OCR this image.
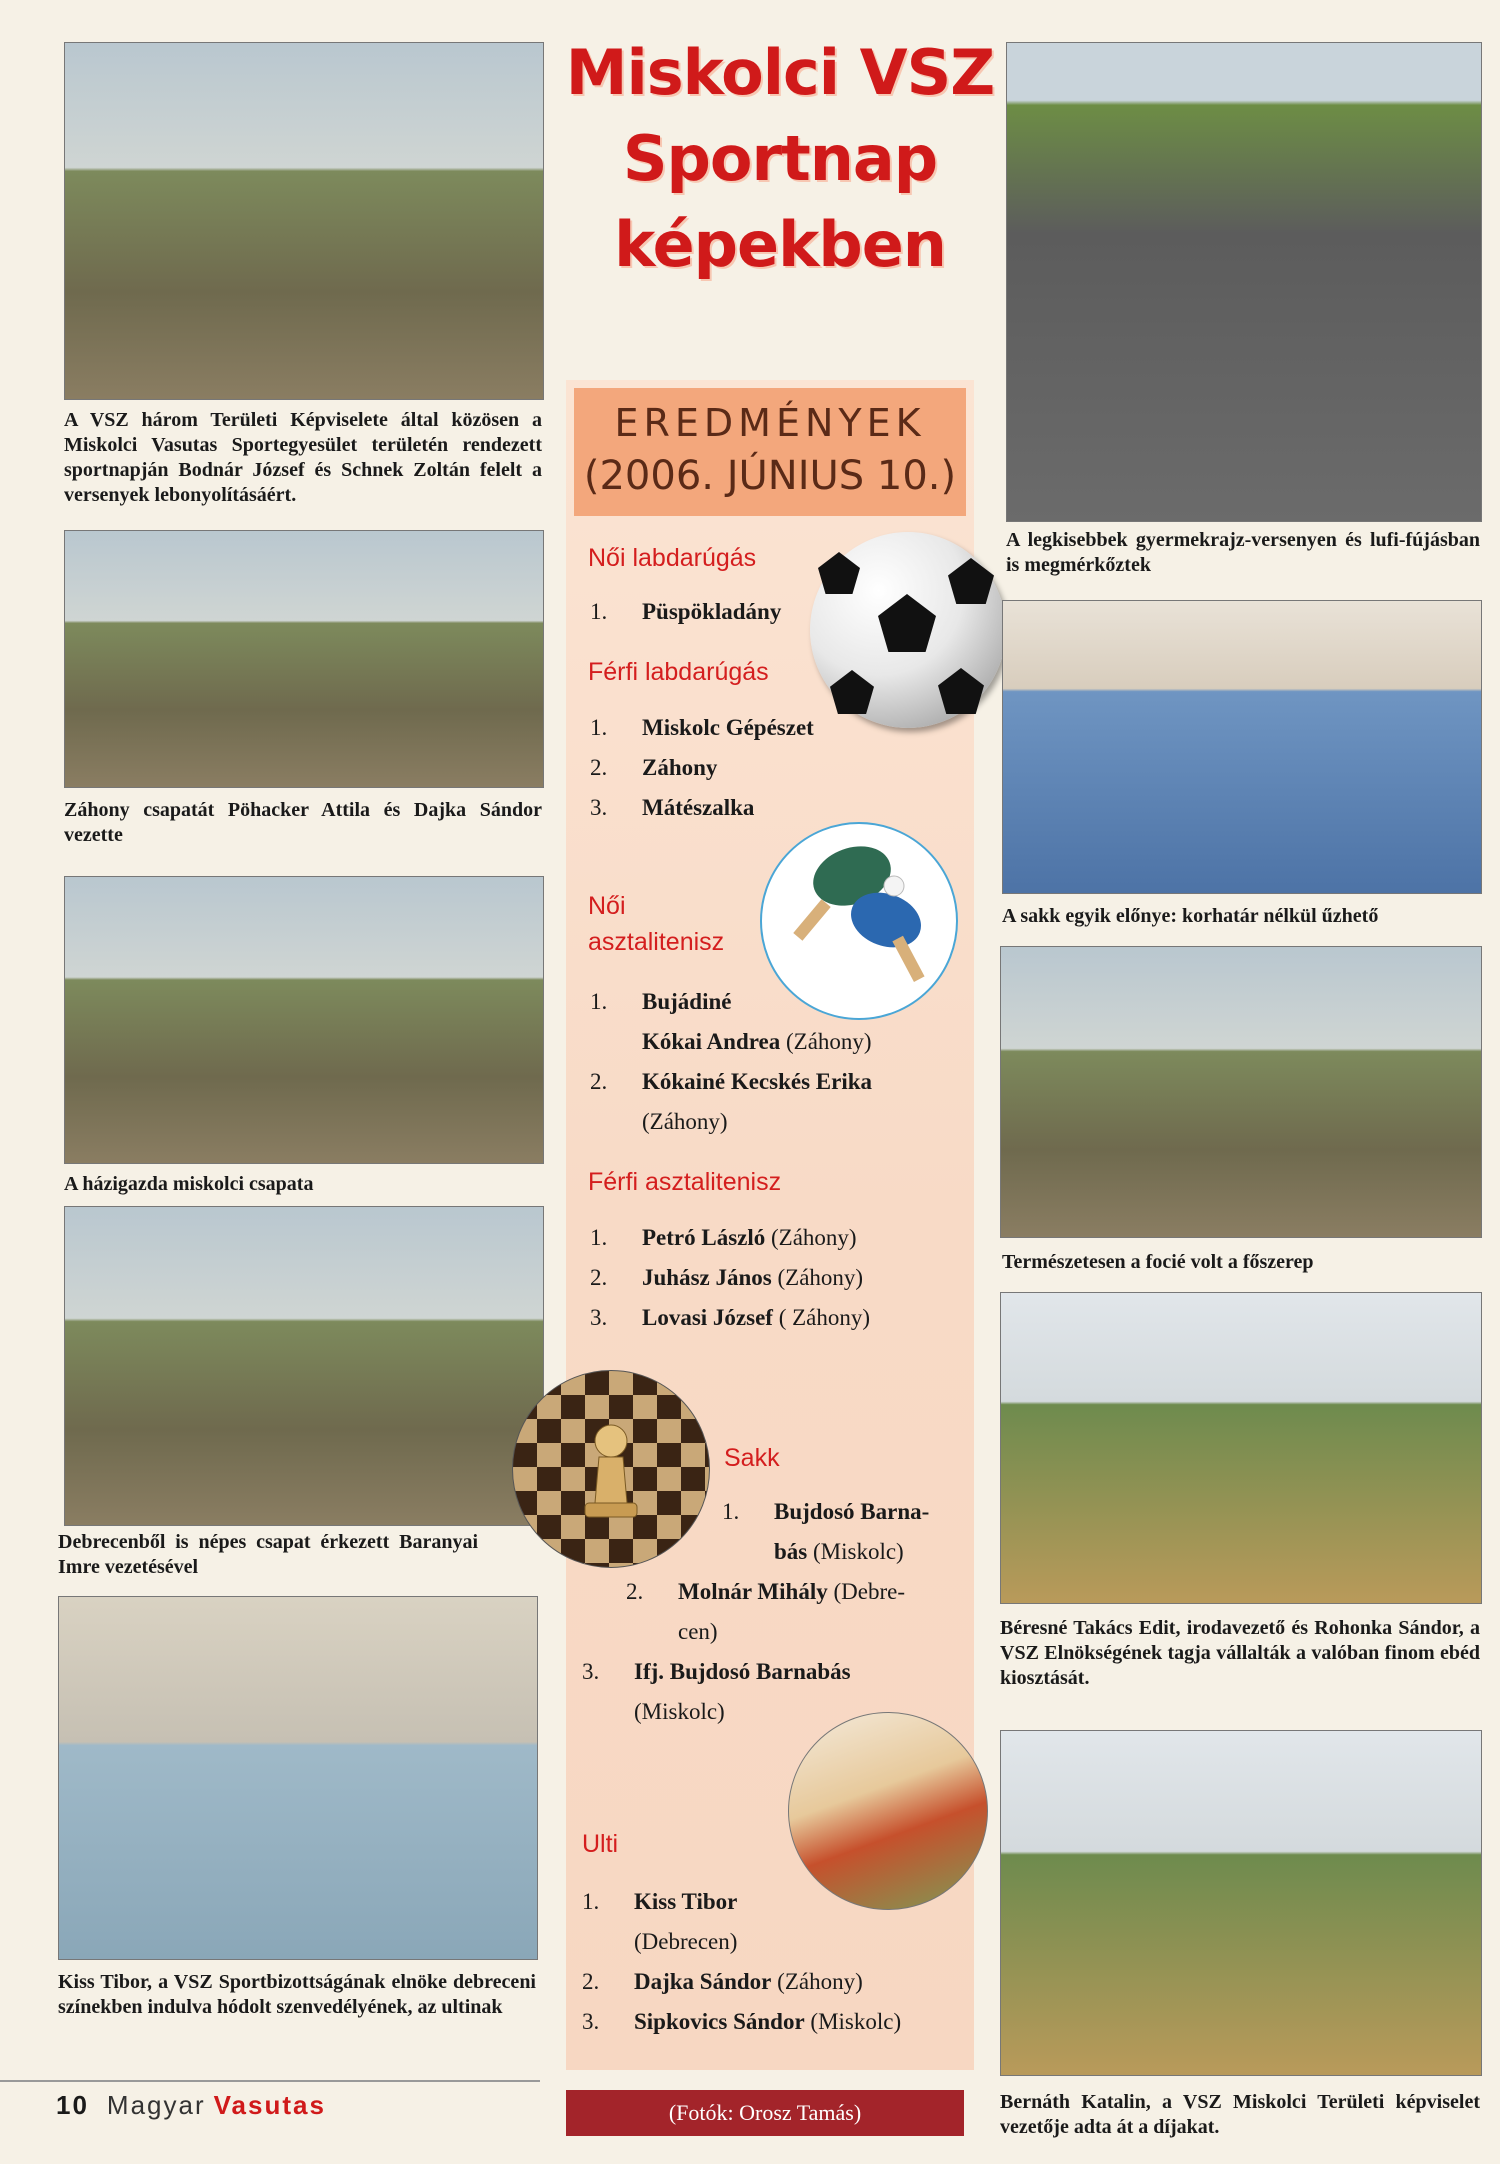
Miskolci VSZ
Sportnap
képekben
A VSZ három Területi Képviselete által közösen a Miskolci Vasutas Sportegyesület területén rendezett sportnapján Bodnár József és Schnek Zoltán felelt a versenyek lebonyolításáért.
Záhony csapatát Pöhacker Attila és Dajka Sándor vezette
A házigazda miskolci csapata
Debrecenből is népes csapat érkezett Baranyai Imre vezetésével
Kiss Tibor, a VSZ Sportbizottságának elnöke debreceni színekben indulva hódolt szenvedélyének, az ultinak
EREDMÉNYEK
(2006. JÚNIUS 10.)
Női labdarúgás
1. Püspökladány
Férfi labdarúgás
1. Miskolc Gépészet
2. Záhony
3. Mátészalka
Női
asztalitenisz
1. Bujádiné
Kókai Andrea (Záhony)
2. Kókainé Kecskés Erika
(Záhony)
Férfi asztalitenisz
1. Petró László (Záhony)
2. Juhász János (Záhony)
3. Lovasi József ( Záhony)
Sakk
1. Bujdosó Barna-
bás (Miskolc)
2. Molnár Mihály (Debre-
cen)
3. Ifj. Bujdosó Barnabás
(Miskolc)
Ulti
1. Kiss Tibor
(Debrecen)
2. Dajka Sándor (Záhony)
3. Sipkovics Sándor (Miskolc)
(Fotók: Orosz Tamás)
A legkisebbek gyermekrajz-versenyen és lufi-fújásban is megmérkőztek
A sakk egyik előnye: korhatár nélkül űzhető
Természetesen a focié volt a főszerep
Béresné Takács Edit, irodavezető és Rohonka Sándor, a VSZ Elnökségének tagja vállalták a valóban finom ebéd kiosztását.
Bernáth Katalin, a VSZ Miskolci Területi képviselet vezetője adta át a díjakat.
10 Magyar Vasutas
